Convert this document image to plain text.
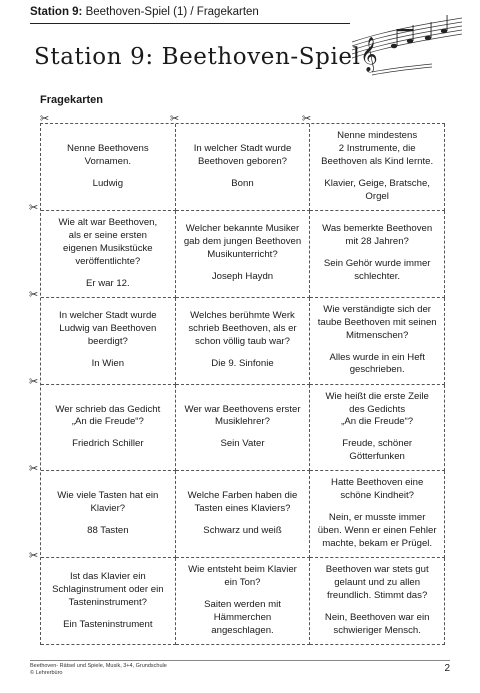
Station 9: Beethoven-Spiel (1) / Fragekarten
𝄞
Station 9: Beethoven-Spiel
Fragekarten
✂	✂	✂
✂
✂
✂
✂
✂
Nenne Beethovens
Vornamen.
Ludwig
In welcher Stadt wurde
Beethoven geboren?
Bonn
Nenne mindestens
2 Instrumente, die
Beethoven als Kind lernte.
Klavier, Geige, Bratsche,
Orgel
Wie alt war Beethoven,
als er seine ersten
eigenen Musikstücke
veröffentlichte?
Er war 12.
Welcher bekannte Musiker
gab dem jungen Beethoven
Musikunterricht?
Joseph Haydn
Was bemerkte Beethoven
mit 28 Jahren?
Sein Gehör wurde immer
schlechter.
In welcher Stadt wurde
Ludwig van Beethoven
beerdigt?
In Wien
Welches berühmte Werk
schrieb Beethoven, als er
schon völlig taub war?
Die 9. Sinfonie
Wie verständigte sich der
taube Beethoven mit seinen
Mitmenschen?
Alles wurde in ein Heft
geschrieben.
Wer schrieb das Gedicht
„An die Freude“?
Friedrich Schiller
Wer war Beethovens erster
Musiklehrer?
Sein Vater
Wie heißt die erste Zeile
des Gedichts
„An die Freude“?
Freude, schöner
Götterfunken
Wie viele Tasten hat ein
Klavier?
88 Tasten
Welche Farben haben die
Tasten eines Klaviers?
Schwarz und weiß
Hatte Beethoven eine
schöne Kindheit?
Nein, er musste immer
üben. Wenn er einen Fehler
machte, bekam er Prügel.
Ist das Klavier ein
Schlaginstrument oder ein
Tasteninstrument?
Ein Tasteninstrument
Wie entsteht beim Klavier
ein Ton?
Saiten werden mit
Hämmerchen
angeschlagen.
Beethoven war stets gut
gelaunt und zu allen
freundlich. Stimmt das?
Nein, Beethoven war ein
schwieriger Mensch.
Beethoven- Rätsel und Spiele, Musik, 3+4, Grundschule
© Lehrerbüro	2
